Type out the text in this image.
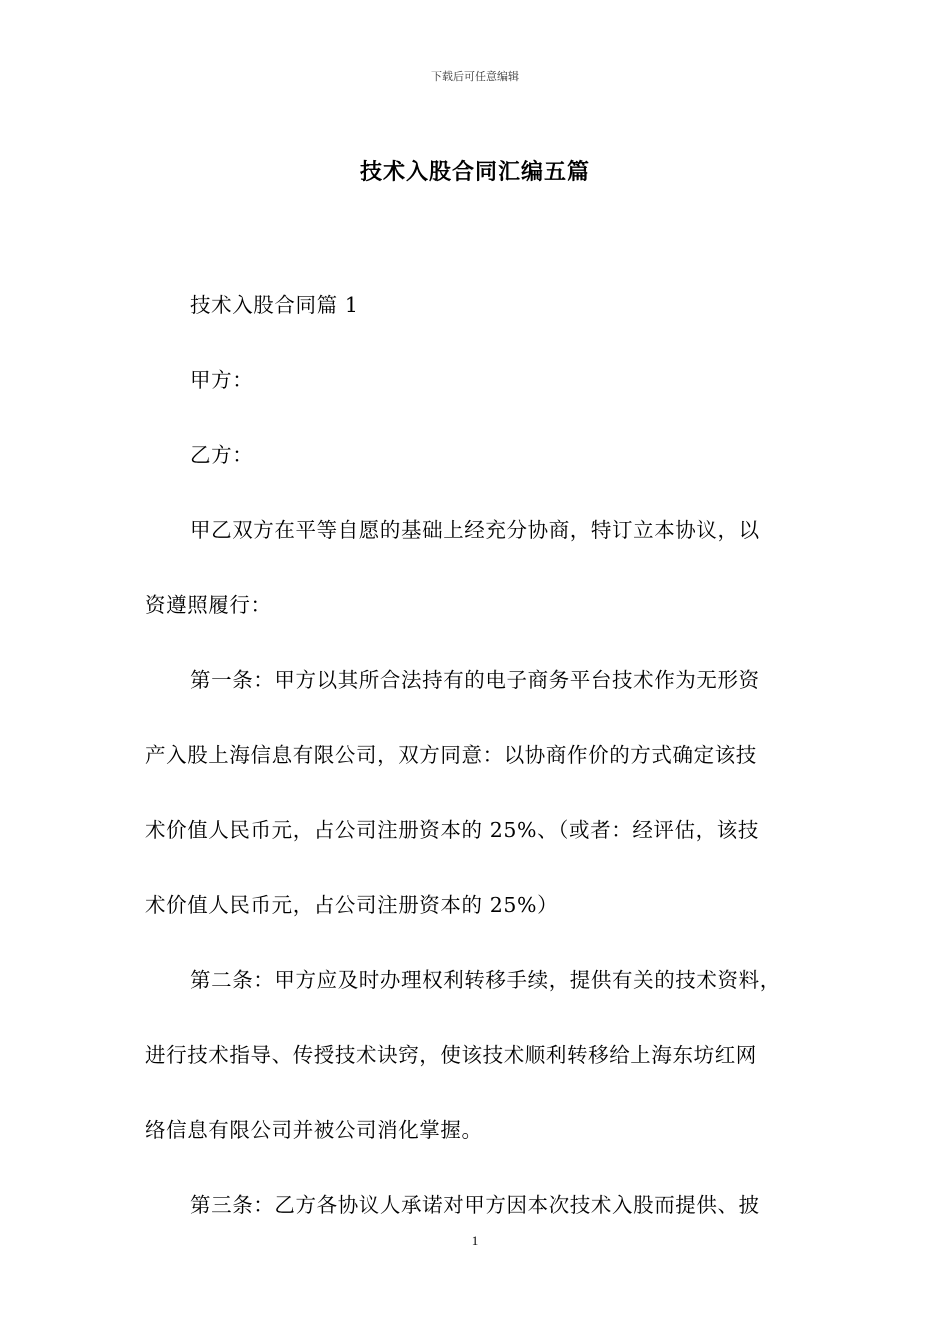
下载后可任意编辑
技术入股合同汇编五篇
技术入股合同篇 1
甲方：
乙方：
甲乙双方在平等自愿的基础上经充分协商，特订立本协议，以
资遵照履行：
第一条：甲方以其所合法持有的电子商务平台技术作为无形资
产入股上海信息有限公司，双方同意：以协商作价的方式确定该技
术价值人民币元，占公司注册资本的 25%、（或者：经评估，该技
术价值人民币元，占公司注册资本的 25%）
第二条：甲方应及时办理权利转移手续，提供有关的技术资料，
进行技术指导、传授技术诀窍，使该技术顺利转移给上海东坊红网
络信息有限公司并被公司消化掌握。
第三条：乙方各协议人承诺对甲方因本次技术入股而提供、披
1
